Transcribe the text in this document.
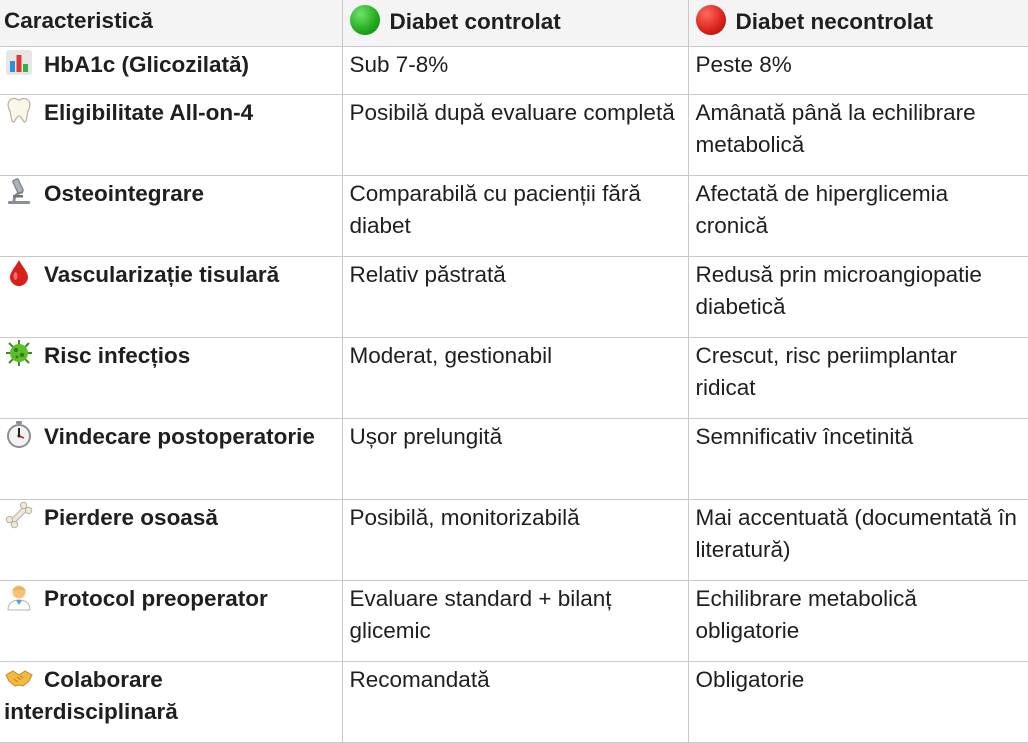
Caracteristică	Diabet controlat	Diabet necontrolat

HbA1c (Glicozilată)	Sub 7-8%	Peste 8%

Eligibilitate All-on-4	Posibilă după evaluare completă	Amânată până la echilibrare metabolică

Osteointegrare	Comparabilă cu pacienții fără diabet	Afectată de hiperglicemia cronică

Vascularizație tisulară	Relativ păstrată	Redusă prin microangiopatie diabetică

Risc infecțios	Moderat, gestionabil	Crescut, risc periimplantar ridicat

Vindecare postoperatorie	Ușor prelungită	Semnificativ încetinită

Pierdere osoasă	Posibilă, monitorizabilă	Mai accentuată (documentată în literatură)

Protocol preoperator	Evaluare standard + bilanț glicemic	Echilibrare metabolică obligatorie

Colaborare interdisciplinară	Recomandată	Obligatorie
